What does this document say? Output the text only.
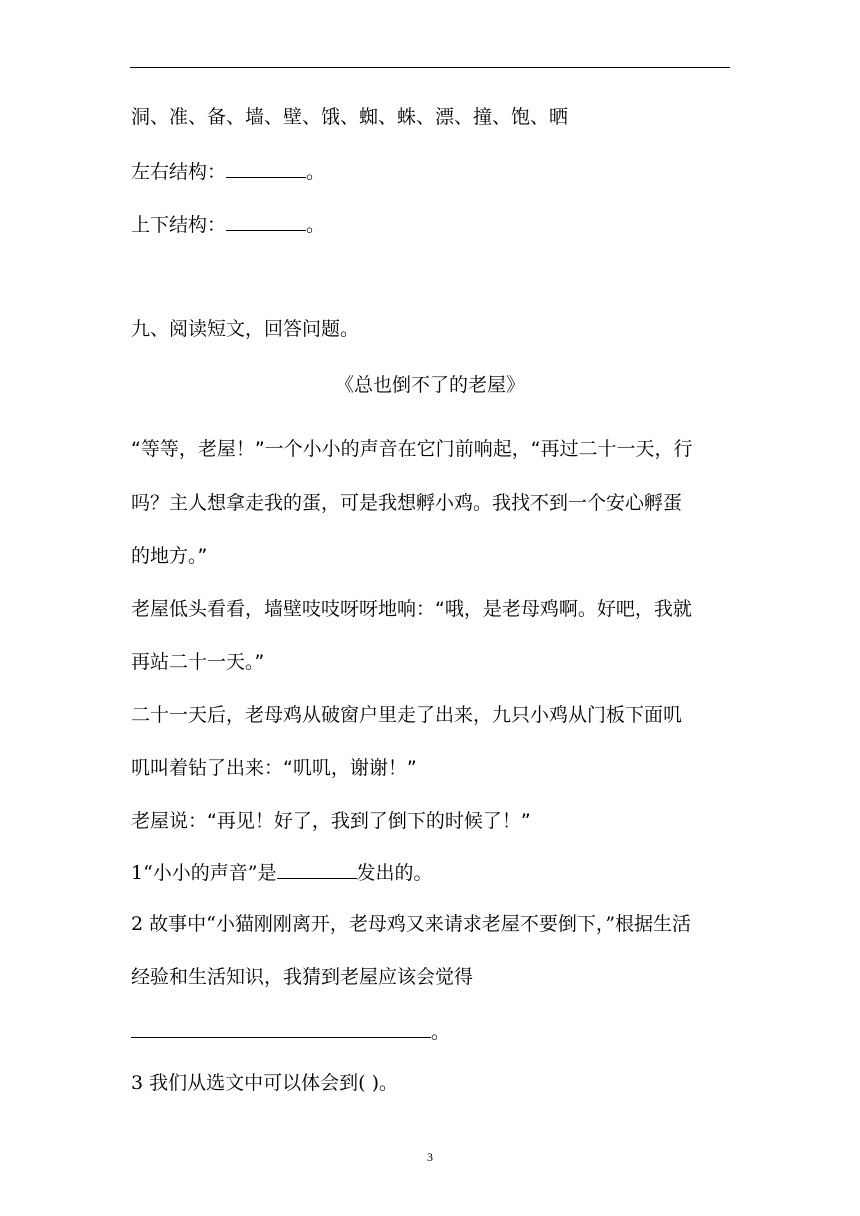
洞、准、备、墙、壁、饿、蜘、蛛、漂、撞、饱、晒
左右结构：	。
上下结构：	。
九、阅读短文，回答问题。
《总也倒不了的老屋》
“等等，老屋！”一个小小的声音在它门前响起，“再过二十一天，行
吗？主人想拿走我的蛋，可是我想孵小鸡。我找不到一个安心孵蛋
的地方。”
老屋低头看看，墙壁吱吱呀呀地响：“哦，是老母鸡啊。好吧，我就
再站二十一天。”
二十一天后，老母鸡从破窗户里走了出来，九只小鸡从门板下面叽
叽叫着钻了出来：“叽叽，谢谢！”
老屋说：“再见！好了，我到了倒下的时候了！”
1“小小的声音”是	发出的。
2 故事中“小猫刚刚离开，老母鸡又来请求老屋不要倒下，”根据生活
经验和生活知识，我猜到老屋应该会觉得
。
3 我们从选文中可以体会到( )。
3
